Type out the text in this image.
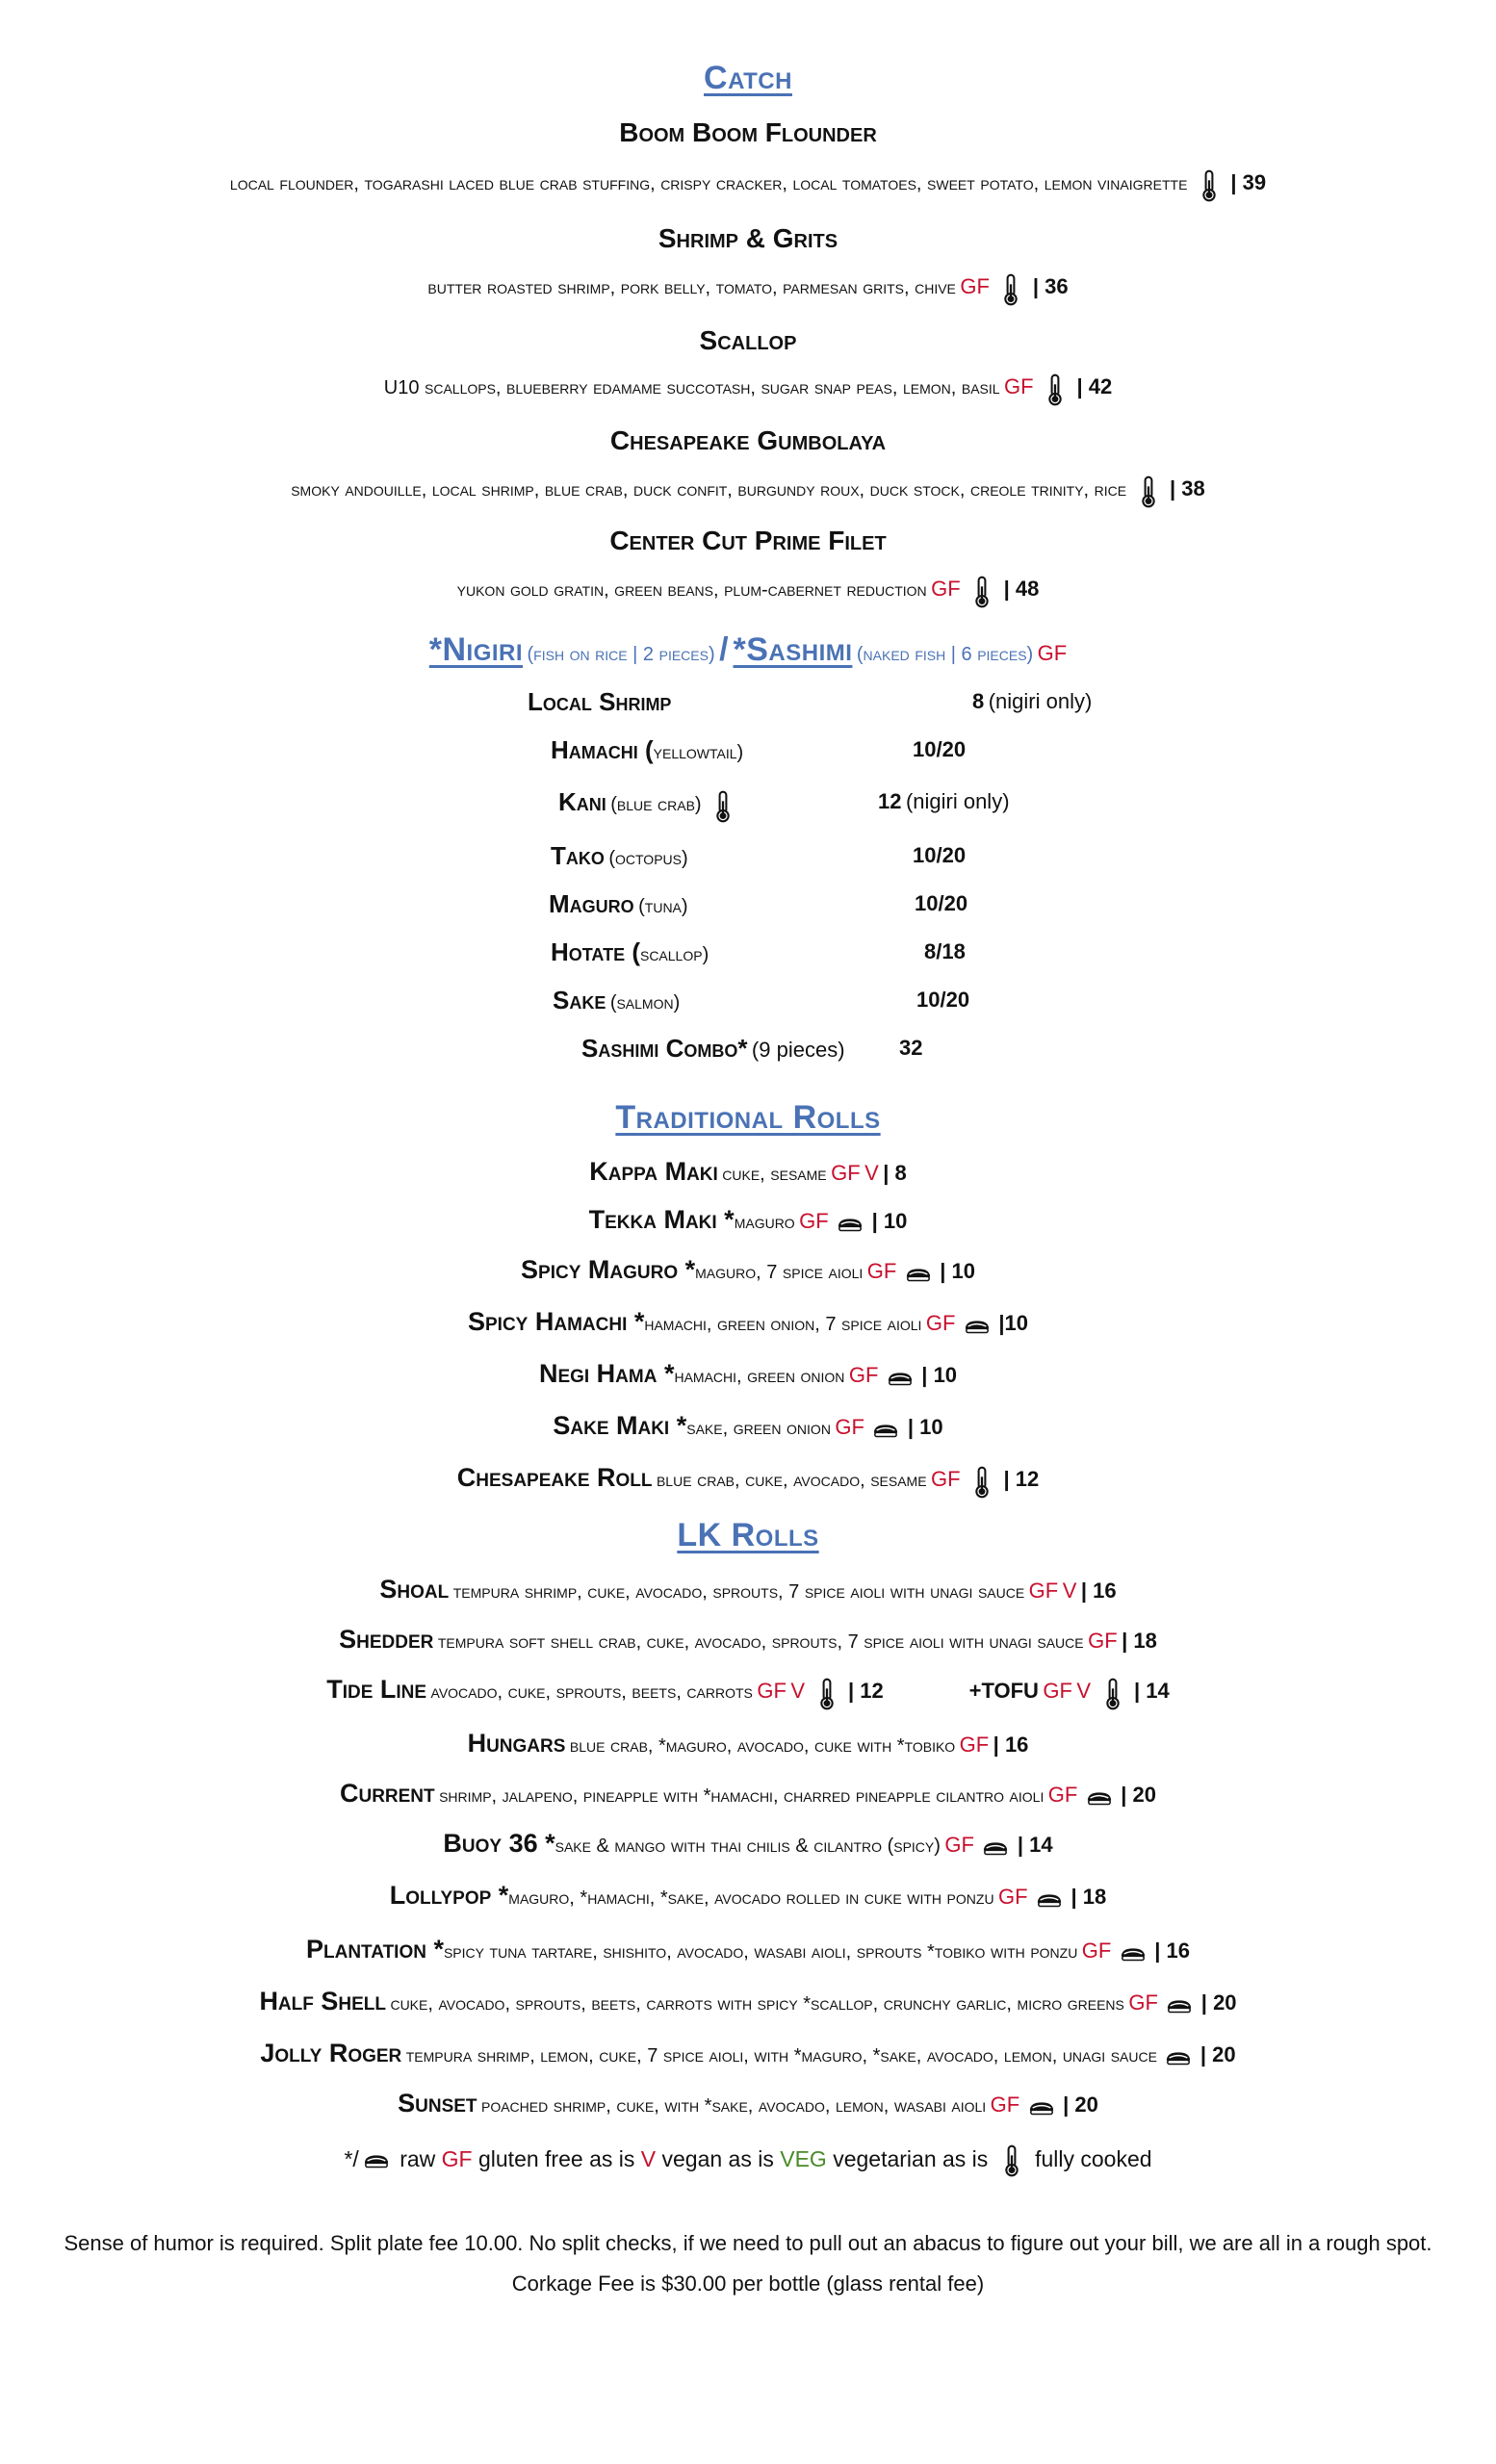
Catch
Boom Boom Flounder
local flounder, togarashi laced blue crab stuffing, crispy cracker, local tomatoes, sweet potato, lemon vinaigrette | 39
Shrimp & Grits
butter roasted shrimp, pork belly, tomato, parmesan grits, chive GF | 36
Scallop
U10 scallops, blueberry edamame succotash, sugar snap peas, lemon, basil GF | 42
Chesapeake Gumbolaya
smoky andouille, local shrimp, blue crab, duck confit, burgundy roux, duck stock, creole trinity, rice | 38
Center Cut Prime Filet
yukon gold gratin, green beans, plum-cabernet reduction GF | 48
*Nigiri (fish on rice | 2 pieces) / *Sashimi (naked fish | 6 pieces) GF
Local Shrimp	8 (nigiri only)
Hamachi (yellowtail)	10/20
Kani (blue crab)	12 (nigiri only)
Tako (octopus)	10/20
Maguro (tuna)	10/20
Hotate (scallop)	8/18
Sake (salmon)	10/20
Sashimi Combo* (9 pieces)	32
Traditional Rolls
Kappa Maki cuke, sesame GF V | 8
Tekka Maki *maguro GF | 10
Spicy Maguro *maguro, 7 spice aioli GF | 10
Spicy Hamachi *hamachi, green onion, 7 spice aioli GF |10
Negi Hama *hamachi, green onion GF | 10
Sake Maki *sake, green onion GF | 10
Chesapeake Roll blue crab, cuke, avocado, sesame GF | 12
LK Rolls
Shoal tempura shrimp, cuke, avocado, sprouts, 7 spice aioli with unagi sauce GF V | 16
Shedder tempura soft shell crab, cuke, avocado, sprouts, 7 spice aioli with unagi sauce GF | 18
Tide Line avocado, cuke, sprouts, beets, carrots GF V | 12	+TOFU GF V | 14
Hungars blue crab, *maguro, avocado, cuke with *tobiko GF | 16
Current shrimp, jalapeno, pineapple with *hamachi, charred pineapple cilantro aioli GF | 20
Buoy 36 *sake & mango with thai chilis & cilantro (spicy) GF | 14
Lollypop *maguro, *hamachi, *sake, avocado rolled in cuke with ponzu GF | 18
Plantation *spicy tuna tartare, shishito, avocado, wasabi aioli, sprouts *tobiko with ponzu GF | 16
Half Shell cuke, avocado, sprouts, beets, carrots with spicy *scallop, crunchy garlic, micro greens GF | 20
Jolly Roger tempura shrimp, lemon, cuke, 7 spice aioli, with *maguro, *sake, avocado, lemon, unagi sauce | 20
Sunset poached shrimp, cuke, with *sake, avocado, lemon, wasabi aioli GF | 20
*/ raw GF gluten free as is V vegan as is VEG vegetarian as is fully cooked
Sense of humor is required. Split plate fee 10.00. No split checks, if we need to pull out an abacus to figure out your bill, we are all in a rough spot.
Corkage Fee is $30.00 per bottle (glass rental fee)
